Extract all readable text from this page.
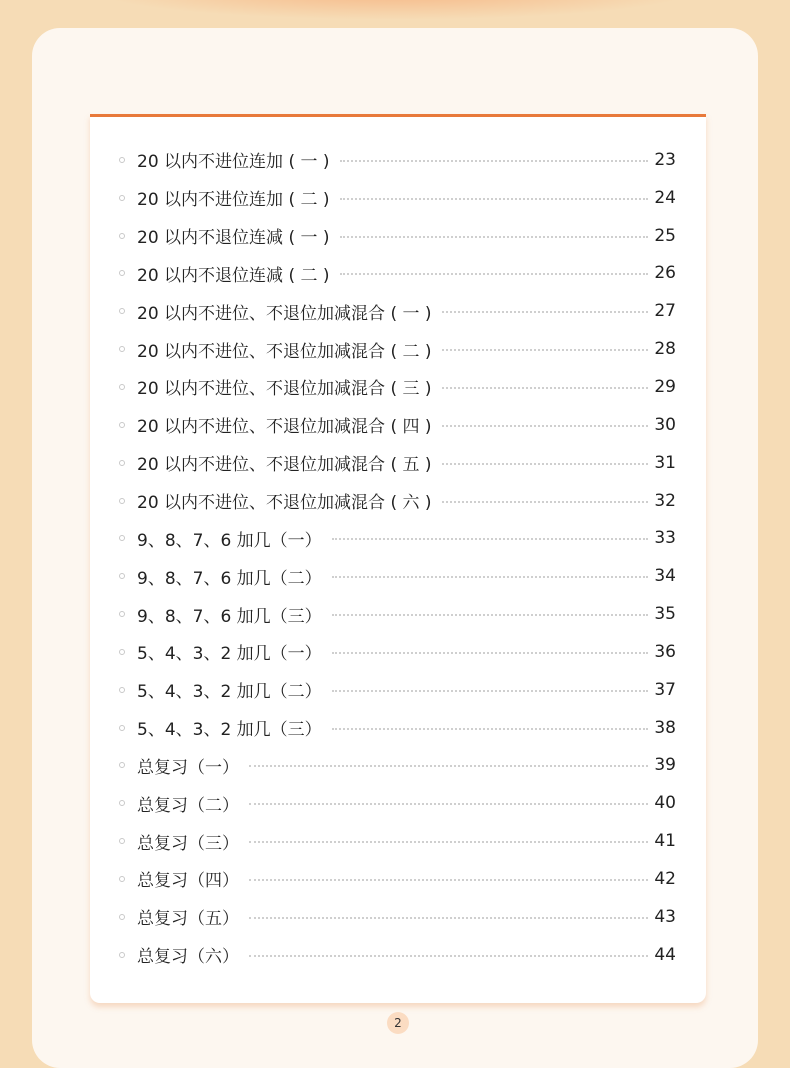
20 以内不进位连加 ( 一 )	23
20 以内不进位连加 ( 二 )	24
20 以内不退位连减 ( 一 )	25
20 以内不退位连减 ( 二 )	26
20 以内不进位、不退位加减混合 ( 一 )	27
20 以内不进位、不退位加减混合 ( 二 )	28
20 以内不进位、不退位加减混合 ( 三 )	29
20 以内不进位、不退位加减混合 ( 四 )	30
20 以内不进位、不退位加减混合 ( 五 )	31
20 以内不进位、不退位加减混合 ( 六 )	32
9、8、7、6 加几（一）	33
9、8、7、6 加几（二）	34
9、8、7、6 加几（三）	35
5、4、3、2 加几（一）	36
5、4、3、2 加几（二）	37
5、4、3、2 加几（三）	38
总复习（一）	39
总复习（二）	40
总复习（三）	41
总复习（四）	42
总复习（五）	43
总复习（六）	44
2
